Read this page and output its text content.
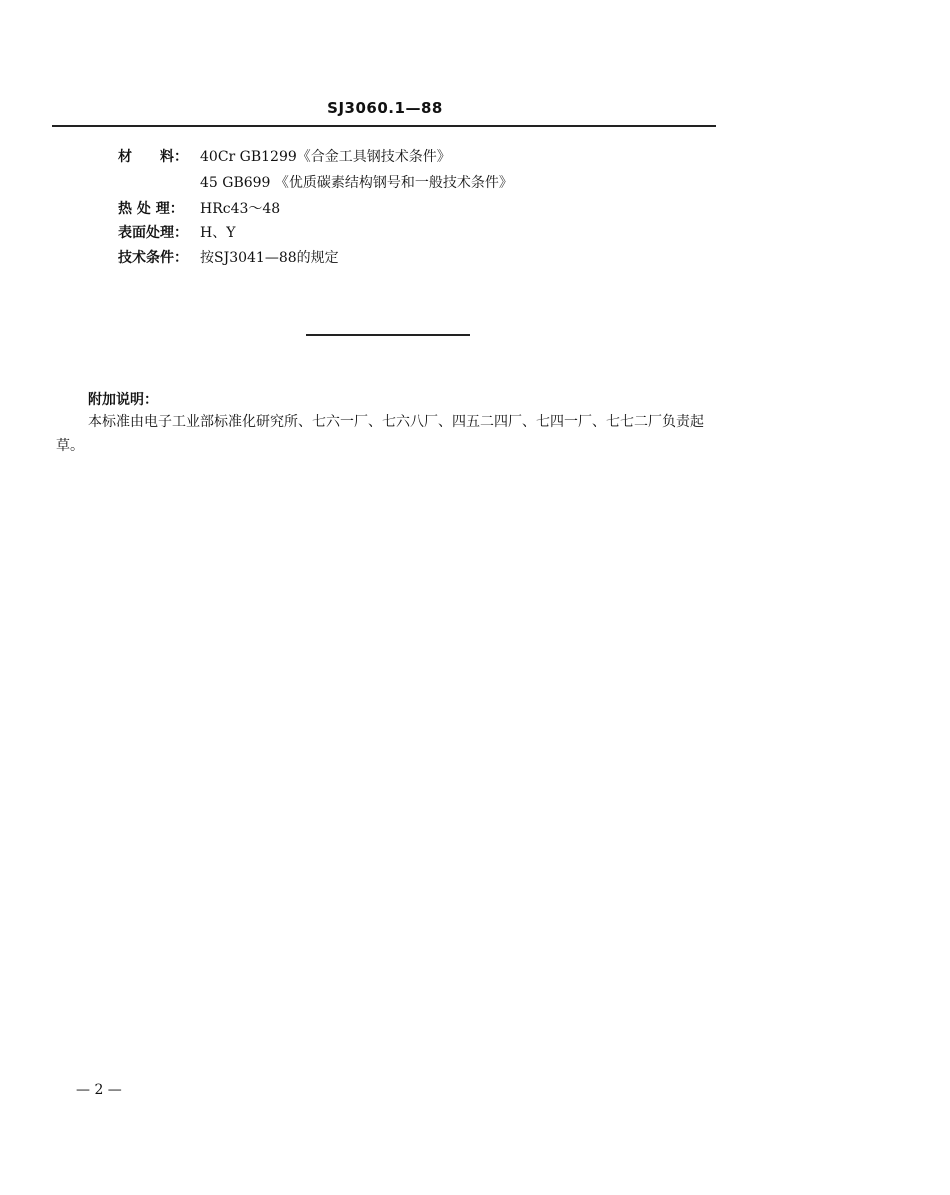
SJ3060.1—88
材　　料： 40Cr GB1299《合金工具钢技术条件》
45 GB699 《优质碳素结构钢号和一般技术条件》
热 处 理： HRc43～48
表面处理： H、Y
技术条件： 按SJ3041—88的规定
附加说明：
本标准由电子工业部标准化研究所、七六一厂、七六八厂、四五二四厂、七四一厂、七七二厂负责起草。
— 2 —
